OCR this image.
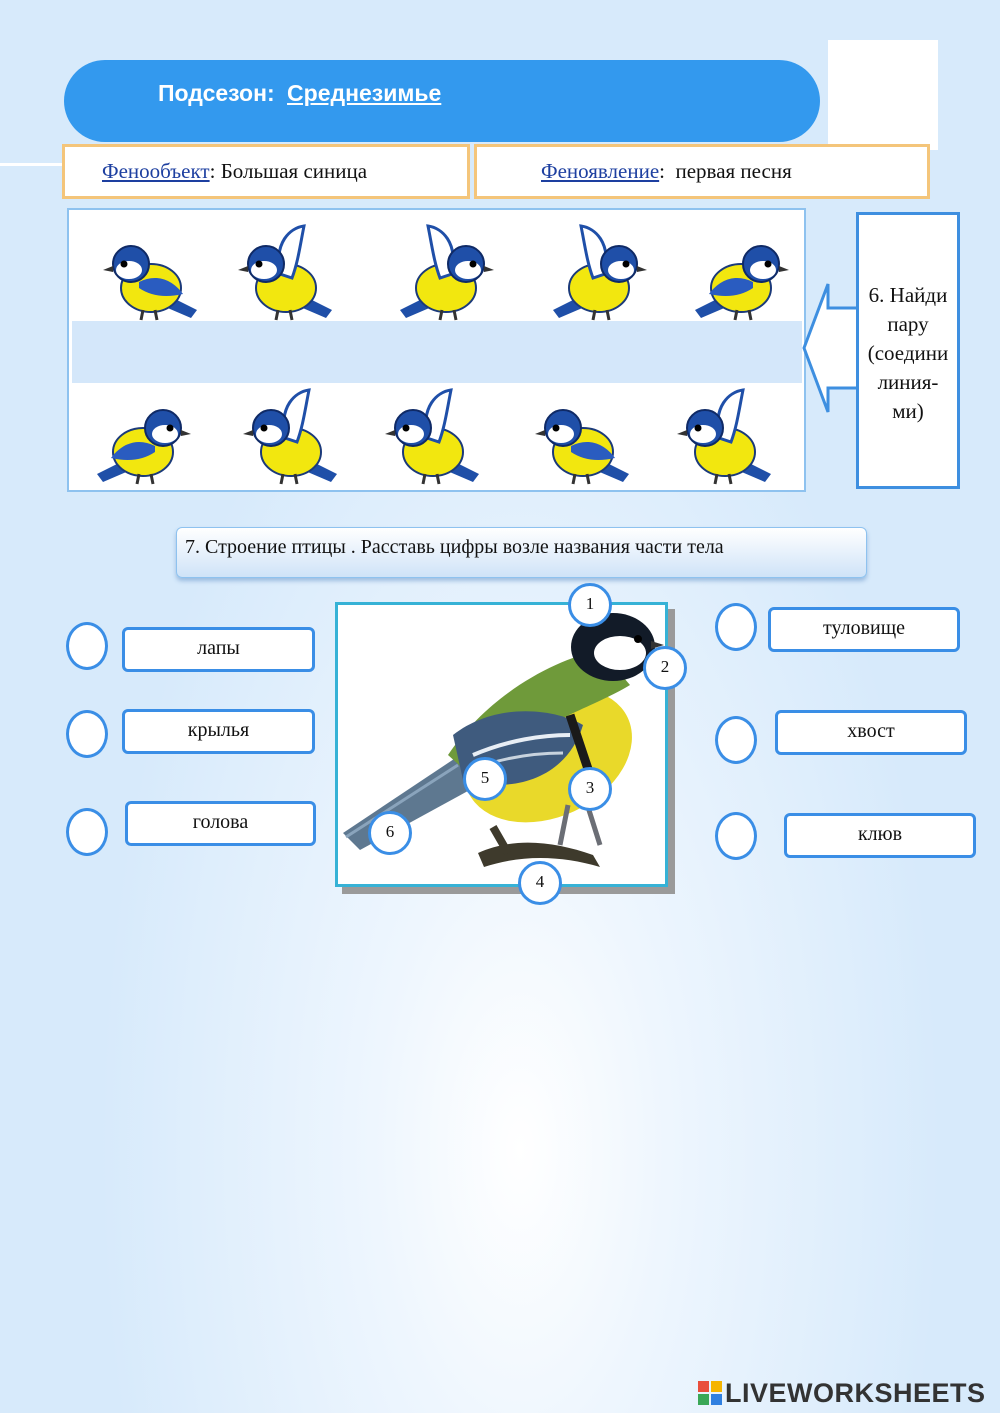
Подсезон: Среднезимье
Фенообъект : Большая синица	Феноявление : первая песня
6. Найди
пару
(соедини
линия-
ми)
7. Строение птицы . Расставь цифры возле названия части тела
1
2
3
4
5
6
лапы
крылья
голова
туловище
хвост
клюв
LIVEWORKSHEETS
